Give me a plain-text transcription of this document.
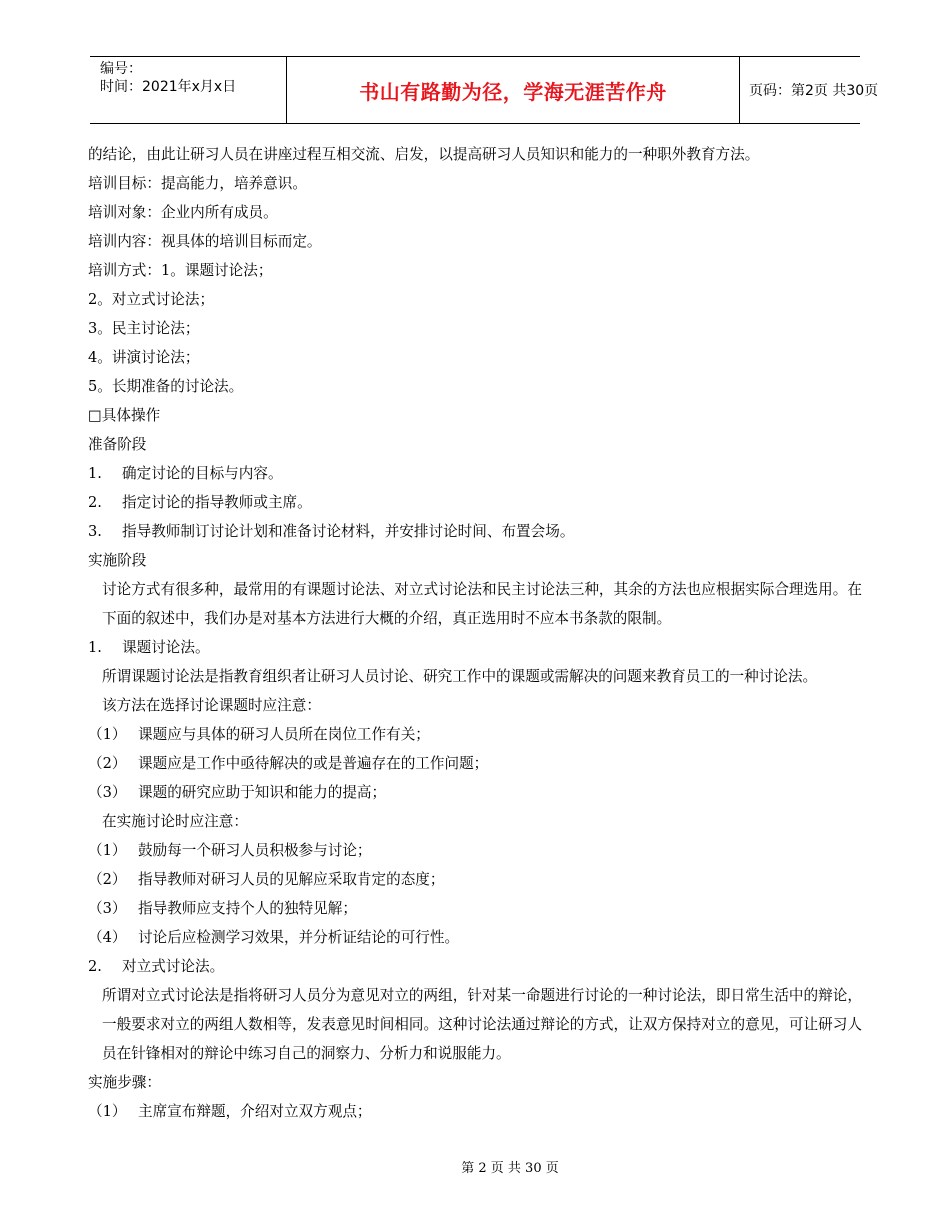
编号：
时间：2021年x月x日	书山有路勤为径，学海无涯苦作舟	页码：第2页 共30页

的结论，由此让研习人员在讲座过程互相交流、启发，以提高研习人员知识和能力的一种职外教育方法。

培训目标：提高能力，培养意识。

培训对象：企业内所有成员。

培训内容：视具体的培训目标而定。

培训方式：1。课题讨论法；

2。对立式讨论法；

3。民主讨论法；

4。讲演讨论法；

5。长期准备的讨论法。

□具体操作

准备阶段

1.	确定讨论的目标与内容。
2.	指定讨论的指导教师或主席。
3.	指导教师制订讨论计划和准备讨论材料，并安排讨论时间、布置会场。

实施阶段

讨论方式有很多种，最常用的有课题讨论法、对立式讨论法和民主讨论法三种，其余的方法也应根据实际合理选用。在下面的叙述中，我们办是对基本方法进行大概的介绍，真正选用时不应本书条款的限制。

1.	课题讨论法。

所谓课题讨论法是指教育组织者让研习人员讨论、研究工作中的课题或需解决的问题来教育员工的一种讨论法。

该方法在选择讨论课题时应注意：

（1） 课题应与具体的研习人员所在岗位工作有关；
（2） 课题应是工作中亟待解决的或是普遍存在的工作问题；
（3） 课题的研究应助于知识和能力的提高；

在实施讨论时应注意：

（1） 鼓励每一个研习人员积极参与讨论；
（2） 指导教师对研习人员的见解应采取肯定的态度；
（3） 指导教师应支持个人的独特见解；
（4） 讨论后应检测学习效果，并分析证结论的可行性。
2.	对立式讨论法。

所谓对立式讨论法是指将研习人员分为意见对立的两组，针对某一命题进行讨论的一种讨论法，即日常生活中的辩论，一般要求对立的两组人数相等，发表意见时间相同。这种讨论法通过辩论的方式，让双方保持对立的意见，可让研习人员在针锋相对的辩论中练习自己的洞察力、分析力和说服能力。

实施步骤：

（1） 主席宣布辩题，介绍对立双方观点；
第 2 页 共 30 页
